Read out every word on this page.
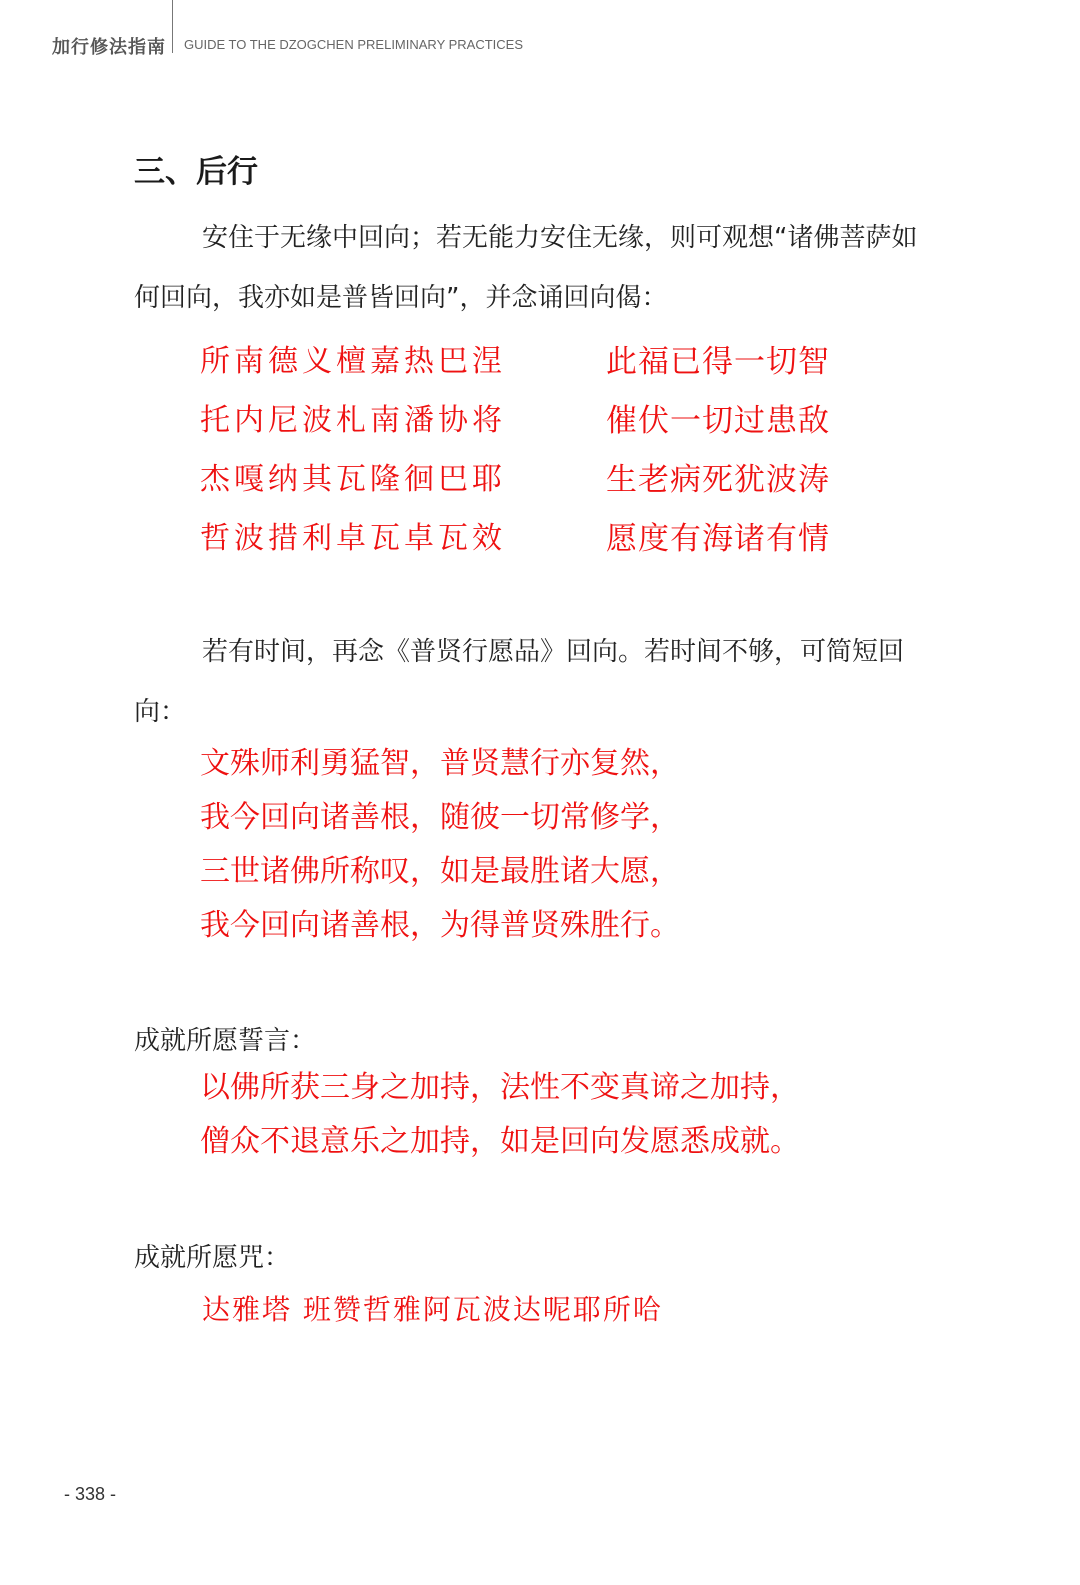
加行修法指南 GUIDE TO THE DZOGCHEN PRELIMINARY PRACTICES
三、后行

安住于无缘中回向；若无能力安住无缘，则可观想“诸佛菩萨如何回向，我亦如是普皆回向”，并念诵回向偈：

所南德义檀嘉热巴涅	此福已得一切智
托内尼波札南潘协将	催伏一切过患敌
杰嘎纳其瓦隆徊巴耶	生老病死犹波涛
哲波措利卓瓦卓瓦效	愿度有海诸有情

若有时间，再念《普贤行愿品》回向。若时间不够，可简短回向：

文殊师利勇猛智，普贤慧行亦复然，
我今回向诸善根，随彼一切常修学，
三世诸佛所称叹，如是最胜诸大愿，
我今回向诸善根，为得普贤殊胜行。

成就所愿誓言：

以佛所获三身之加持，法性不变真谛之加持，
僧众不退意乐之加持，如是回向发愿悉成就。

成就所愿咒：

达雅塔 班赞哲雅阿瓦波达呢耶所哈
- 338 -
